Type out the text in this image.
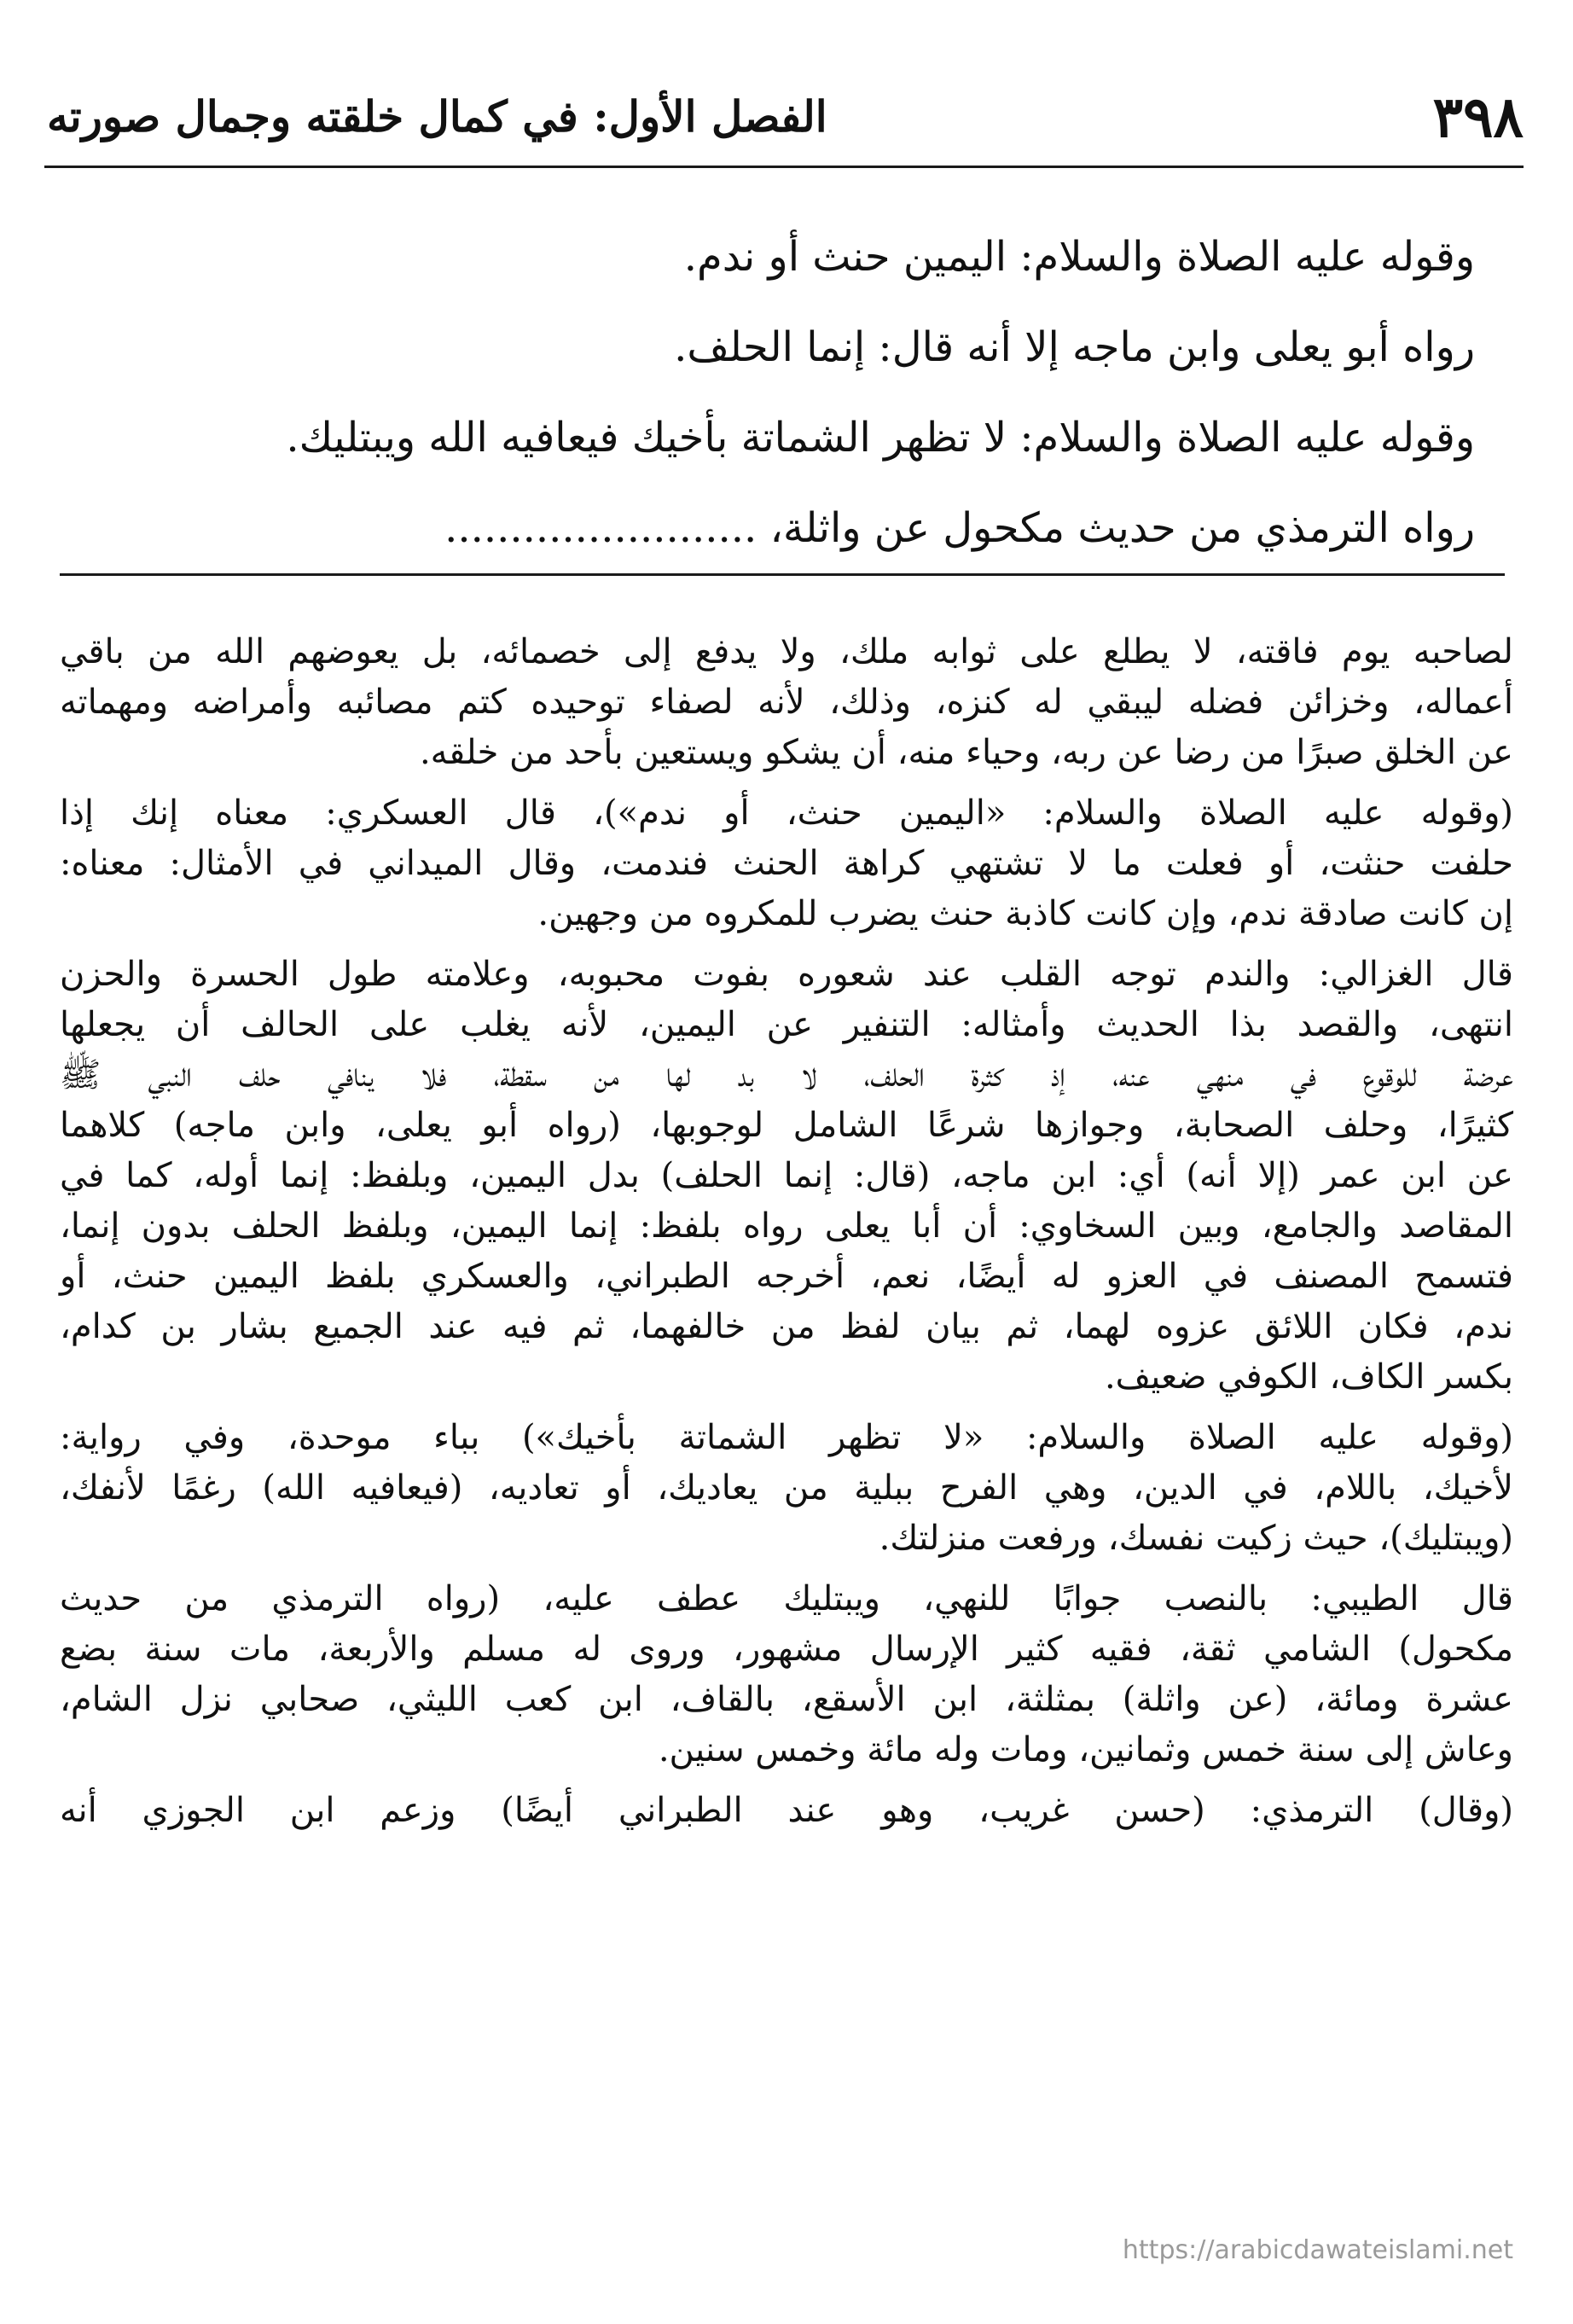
٣٩٨
الفصل الأول: في كمال خلقته وجمال صورته
وقوله عليه الصلاة والسلام: اليمين حنث أو ندم.
رواه أبو يعلى وابن ماجه إلا أنه قال: إنما الحلف.
وقوله عليه الصلاة والسلام: لا تظهر الشماتة بأخيك فيعافيه الله ويبتليك.
رواه الترمذي من حديث مكحول عن واثلة، ........................

لصاحبه يوم فاقته، لا يطلع على ثوابه ملك، ولا يدفع إلى خصمائه، بل يعوضهم الله من باقي
أعماله، وخزائن فضله ليبقي له كنزه، وذلك، لأنه لصفاء توحيده كتم مصائبه وأمراضه ومهماته
عن الخلق صبرًا من رضا عن ربه، وحياء منه، أن يشكو ويستعين بأحد من خلقه.

(وقوله عليه الصلاة والسلام: «اليمين حنث، أو ندم»)، قال العسكري: معناه إنك إذا
حلفت حنثت، أو فعلت ما لا تشتهي كراهة الحنث فندمت، وقال الميداني في الأمثال: معناه:
إن كانت صادقة ندم، وإن كانت كاذبة حنث يضرب للمكروه من وجهين.

قال الغزالي: والندم توجه القلب عند شعوره بفوت محبوبه، وعلامته طول الحسرة والحزن
انتهى، والقصد بذا الحديث وأمثاله: التنفير عن اليمين، لأنه يغلب على الحالف أن يجعلها
عرضة للوقوع في منهي عنه، إذ كثرة الحلف، لا بد لها من سقطة، فلا ينافي حلف النبي ﷺ
كثيرًا، وحلف الصحابة، وجوازها شرعًا الشامل لوجوبها، (رواه أبو يعلى، وابن ماجه) كلاهما
عن ابن عمر (إلا أنه) أي: ابن ماجه، (قال: إنما الحلف) بدل اليمين، وبلفظ: إنما أوله، كما في
المقاصد والجامع، وبين السخاوي: أن أبا يعلى رواه بلفظ: إنما اليمين، وبلفظ الحلف بدون إنما،
فتسمح المصنف في العزو له أيضًا، نعم، أخرجه الطبراني، والعسكري بلفظ اليمين حنث، أو
ندم، فكان اللائق عزوه لهما، ثم بيان لفظ من خالفهما، ثم فيه عند الجميع بشار بن كدام،
بكسر الكاف، الكوفي ضعيف.

(وقوله عليه الصلاة والسلام: «لا تظهر الشماتة بأخيك») بباء موحدة، وفي رواية:
لأخيك، باللام، في الدين، وهي الفرح ببلية من يعاديك، أو تعاديه، (فيعافيه الله) رغمًا لأنفك،
(ويبتليك)، حيث زكيت نفسك، ورفعت منزلتك.

قال الطيبي: بالنصب جوابًا للنهي، ويبتليك عطف عليه، (رواه الترمذي من حديث
مكحول) الشامي ثقة، فقيه كثير الإرسال مشهور، وروى له مسلم والأربعة، مات سنة بضع
عشرة ومائة، (عن واثلة) بمثلثة، ابن الأسقع، بالقاف، ابن كعب الليثي، صحابي نزل الشام،
وعاش إلى سنة خمس وثمانين، ومات وله مائة وخمس سنين.

(وقال) الترمذي: (حسن غريب، وهو عند الطبراني أيضًا) وزعم ابن الجوزي أنه

https://arabicdawateislami.net
